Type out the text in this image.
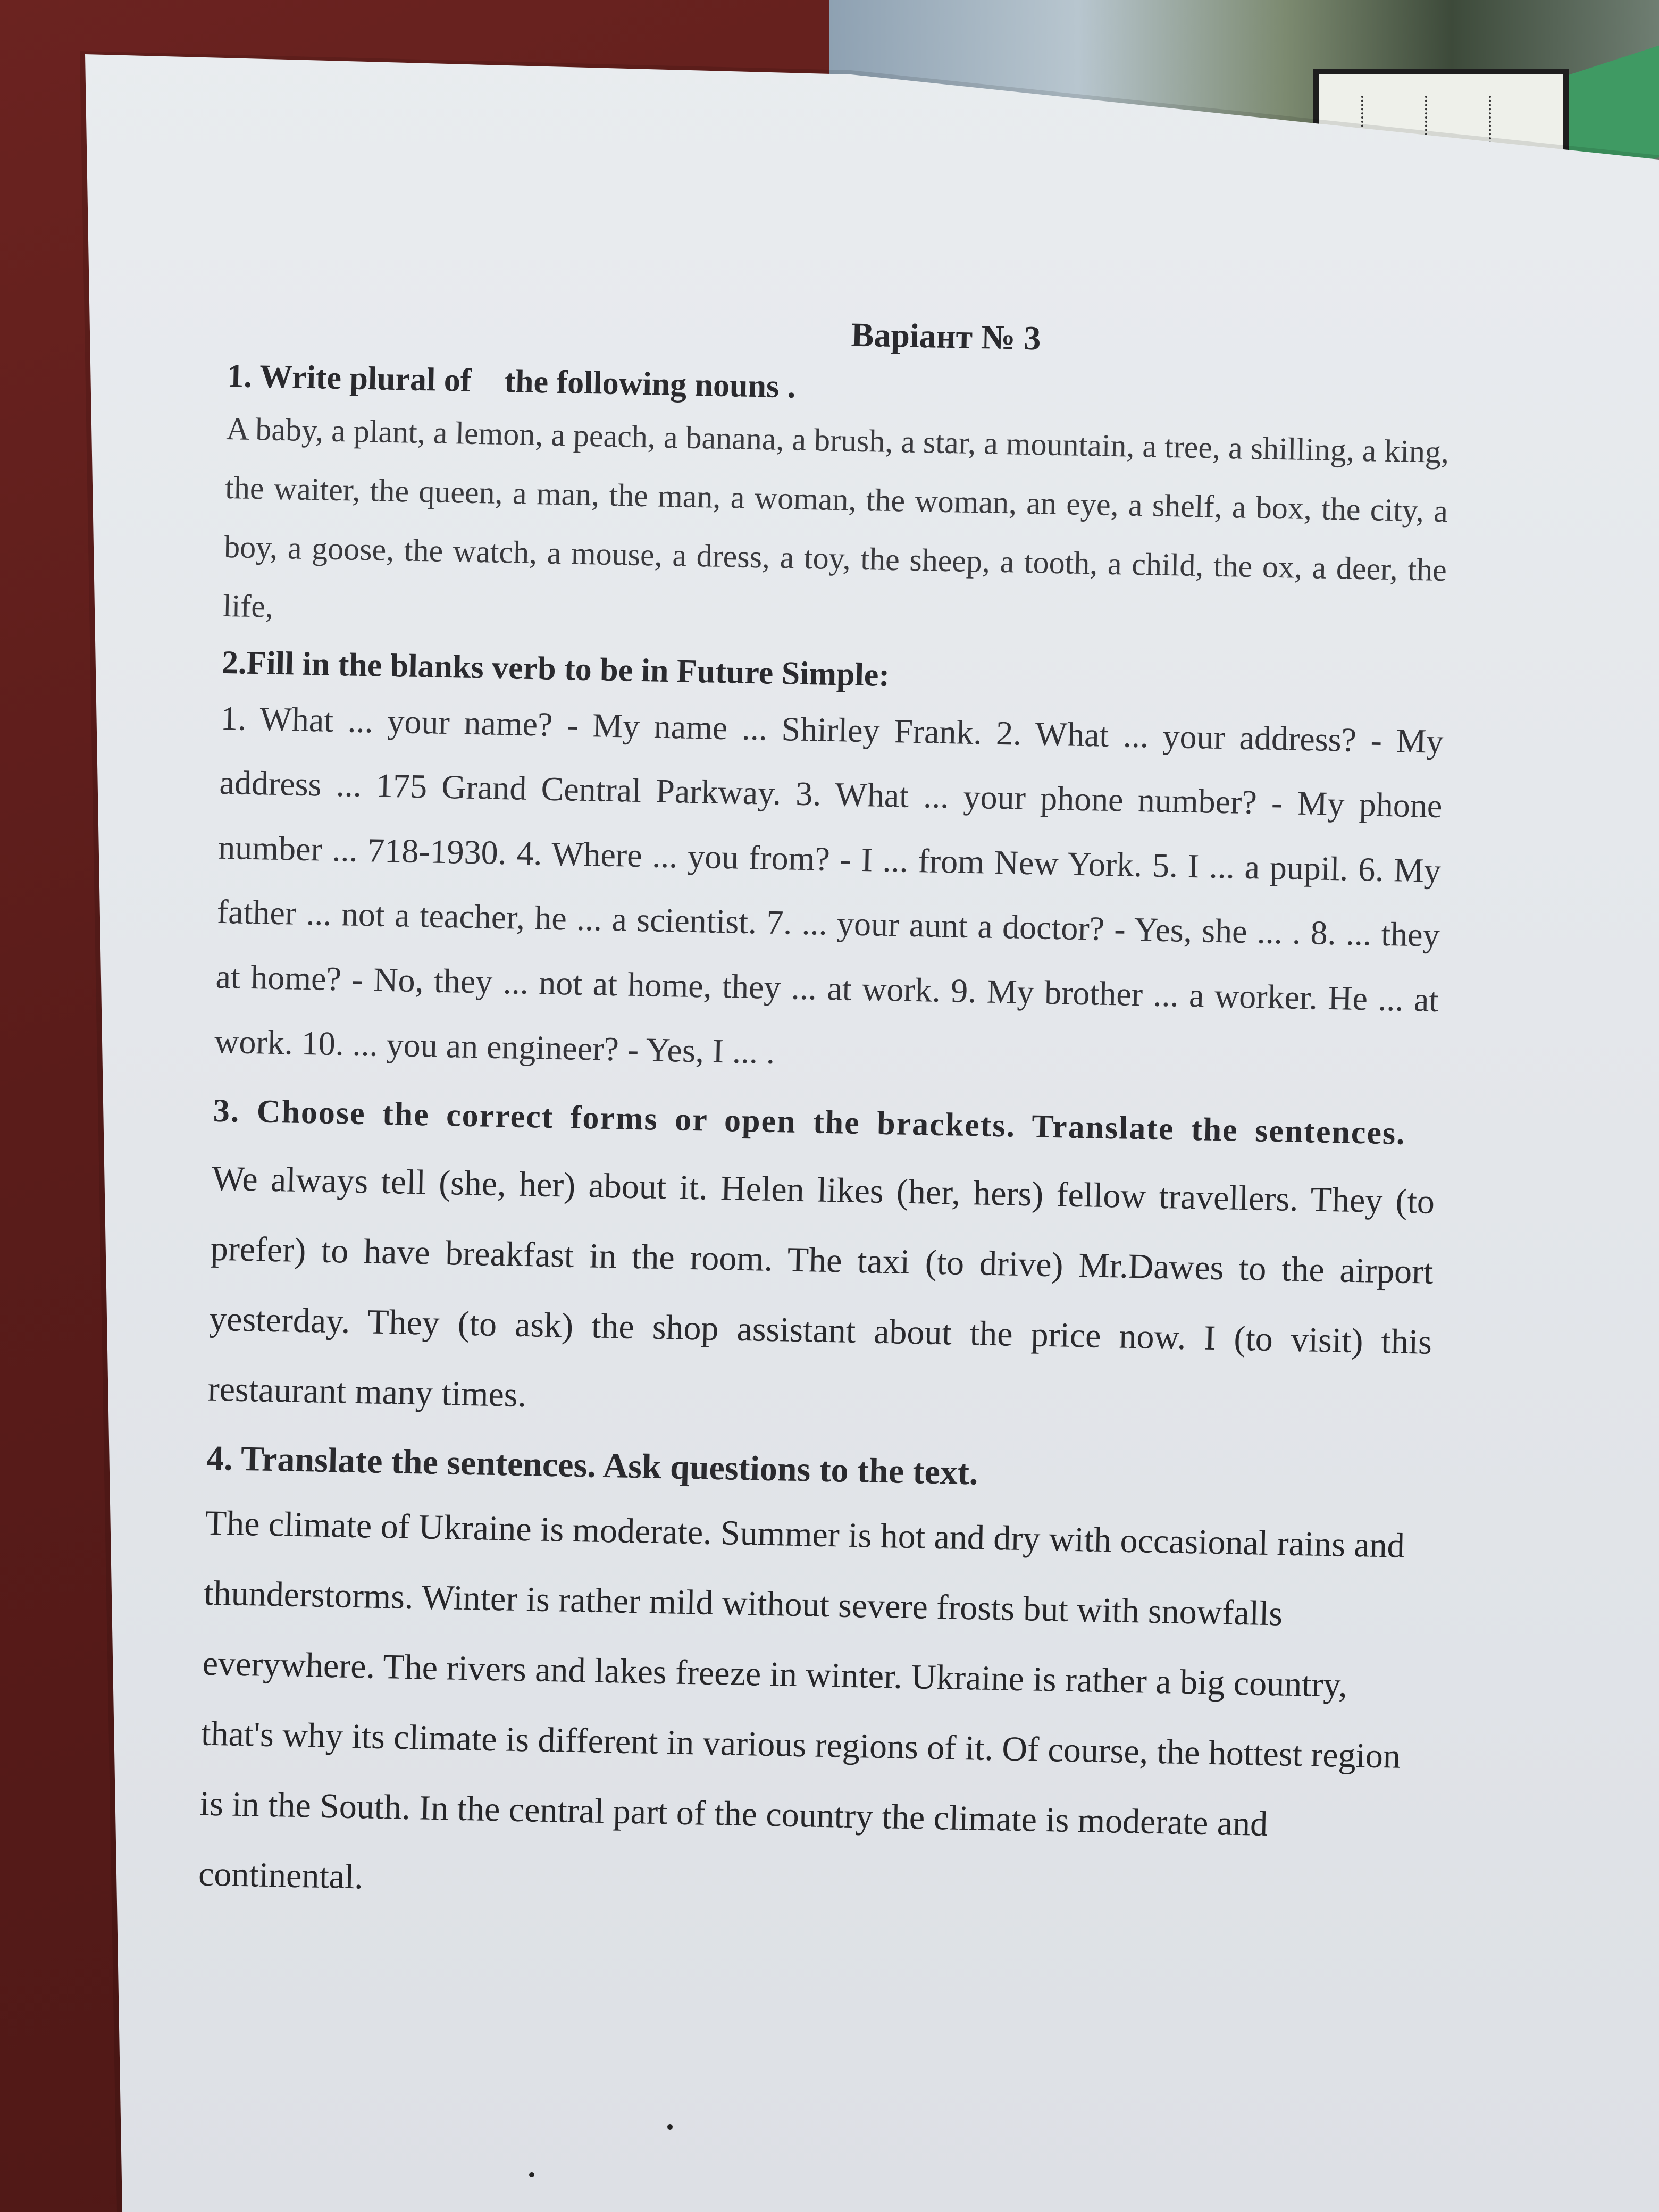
Варіант № 3

1. Write plural of    the following nouns .

A baby, a plant, a lemon, a peach, a banana, a brush, a star, a mountain, a tree, a shilling, a king, the waiter, the queen, a man, the man, a woman, the woman, an eye, a shelf, a box, the city, a boy, a goose, the watch, a mouse, a dress, a toy, the sheep, a tooth, a child, the ox, a deer, the life,

2.Fill in the blanks verb to be in Future Simple:

1. What ... your name? - My name ... Shirley Frank. 2. What ... your address? - My address ... 175 Grand Central Parkway. 3. What ... your phone number? - My phone number ... 718-1930. 4. Where ... you from? - I ... from New York. 5. I ... a pupil. 6. My father ... not a teacher, he ... a scientist. 7. ... your aunt a doctor? - Yes, she ... . 8. ... they at home? - No, they ... not at home, they ... at work. 9. My brother ... a worker. He ... at work. 10. ... you an engineer? - Yes, I ... .

3. Choose the correct forms or open the brackets. Translate the sentences.

We always tell (she, her) about it. Helen likes (her, hers) fellow travellers. They (to prefer) to have breakfast in the room. The taxi (to drive) Mr.Dawes to the airport yesterday. They (to ask) the shop assistant about the price now. I (to visit) this restaurant many times.

4. Translate the sentences. Ask questions to the text.

The climate of Ukraine is moderate. Summer is hot and dry with occasional rains and thunderstorms. Winter is rather mild without severe frosts but with snowfalls everywhere. The rivers and lakes freeze in winter. Ukraine is rather a big country, that's why its climate is different in various regions of it. Of course, the hottest region is in the South. In the central part of the country the climate is moderate and continental.
